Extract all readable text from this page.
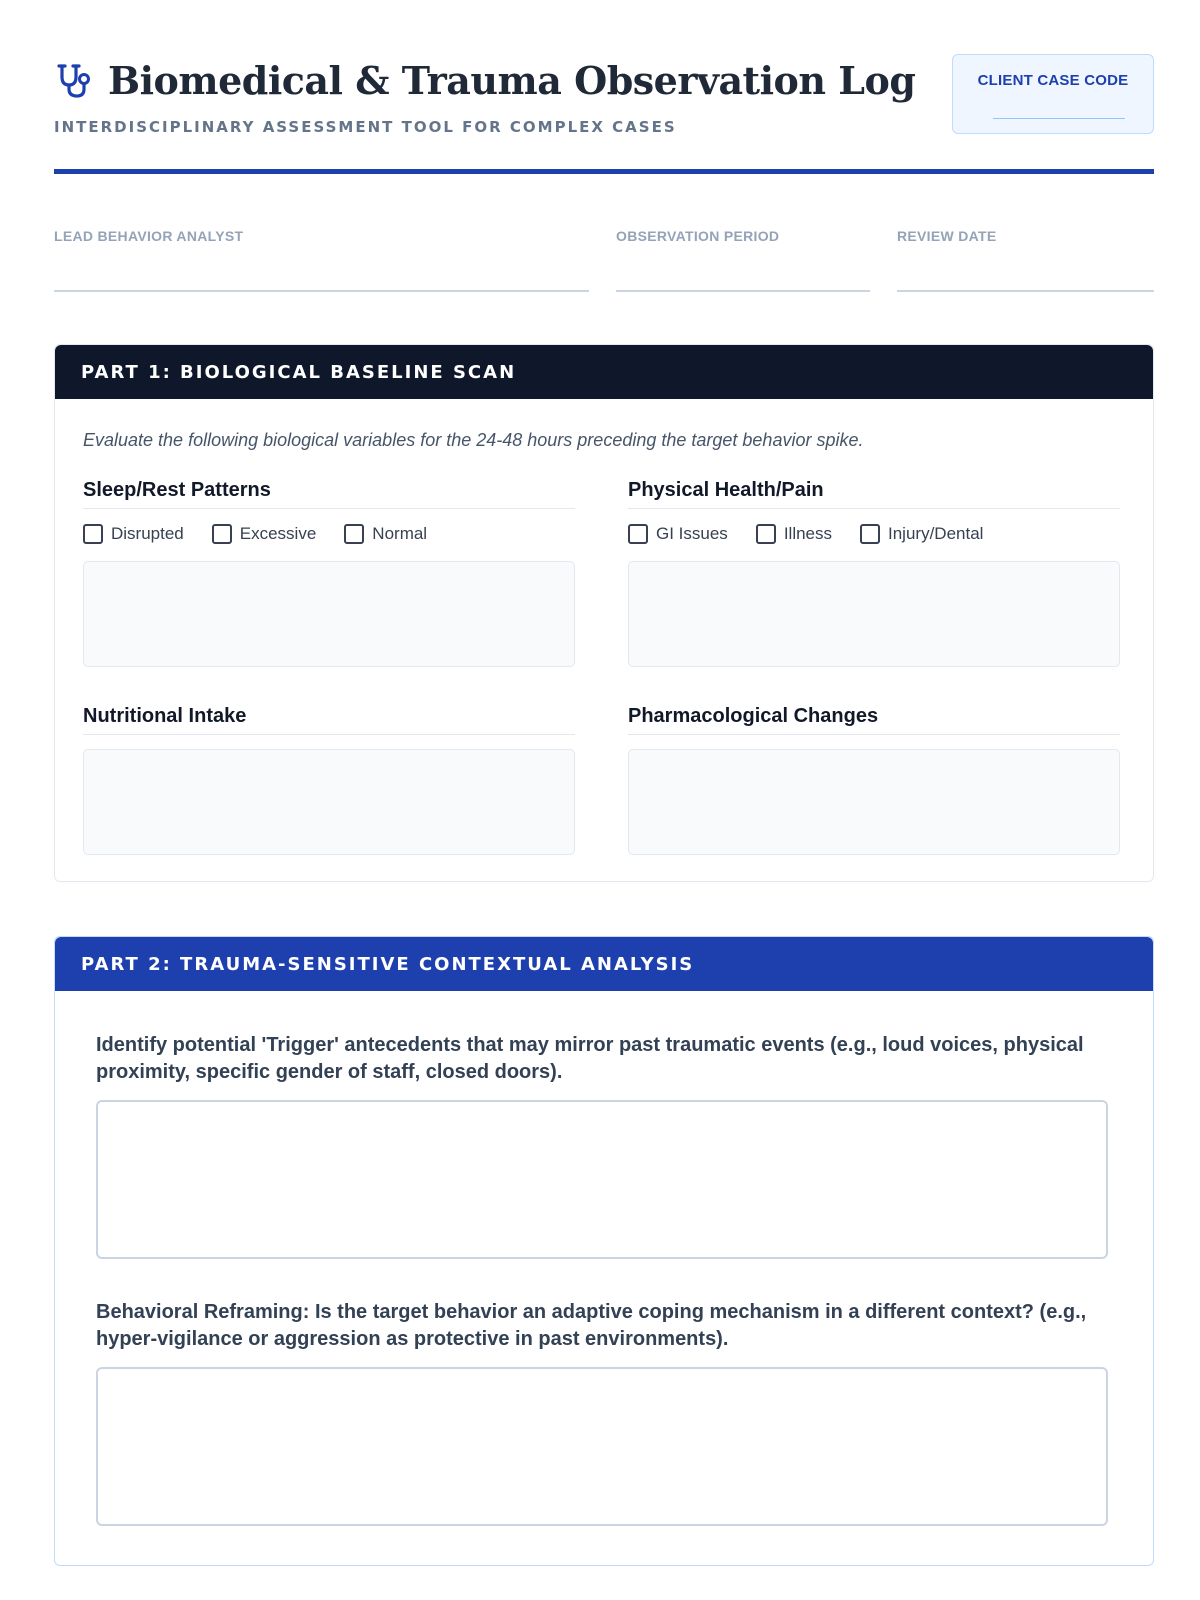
Biomedical & Trauma Observation Log
INTERDISCIPLINARY ASSESSMENT TOOL FOR COMPLEX CASES
CLIENT CASE CODE
LEAD BEHAVIOR ANALYST	OBSERVATION PERIOD	REVIEW DATE
PART 1: BIOLOGICAL BASELINE SCAN

Evaluate the following biological variables for the 24-48 hours preceding the target behavior spike.

Sleep/Rest Patterns
Disrupted	Excessive	Normal
Physical Health/Pain
GI Issues	Illness	Injury/Dental
Nutritional Intake	Pharmacological Changes
PART 2: TRAUMA-SENSITIVE CONTEXTUAL ANALYSIS

Identify potential 'Trigger' antecedents that may mirror past traumatic events (e.g., loud voices, physical proximity, specific gender of staff, closed doors).

Behavioral Reframing: Is the target behavior an adaptive coping mechanism in a different context? (e.g., hyper-vigilance or aggression as protective in past environments).
